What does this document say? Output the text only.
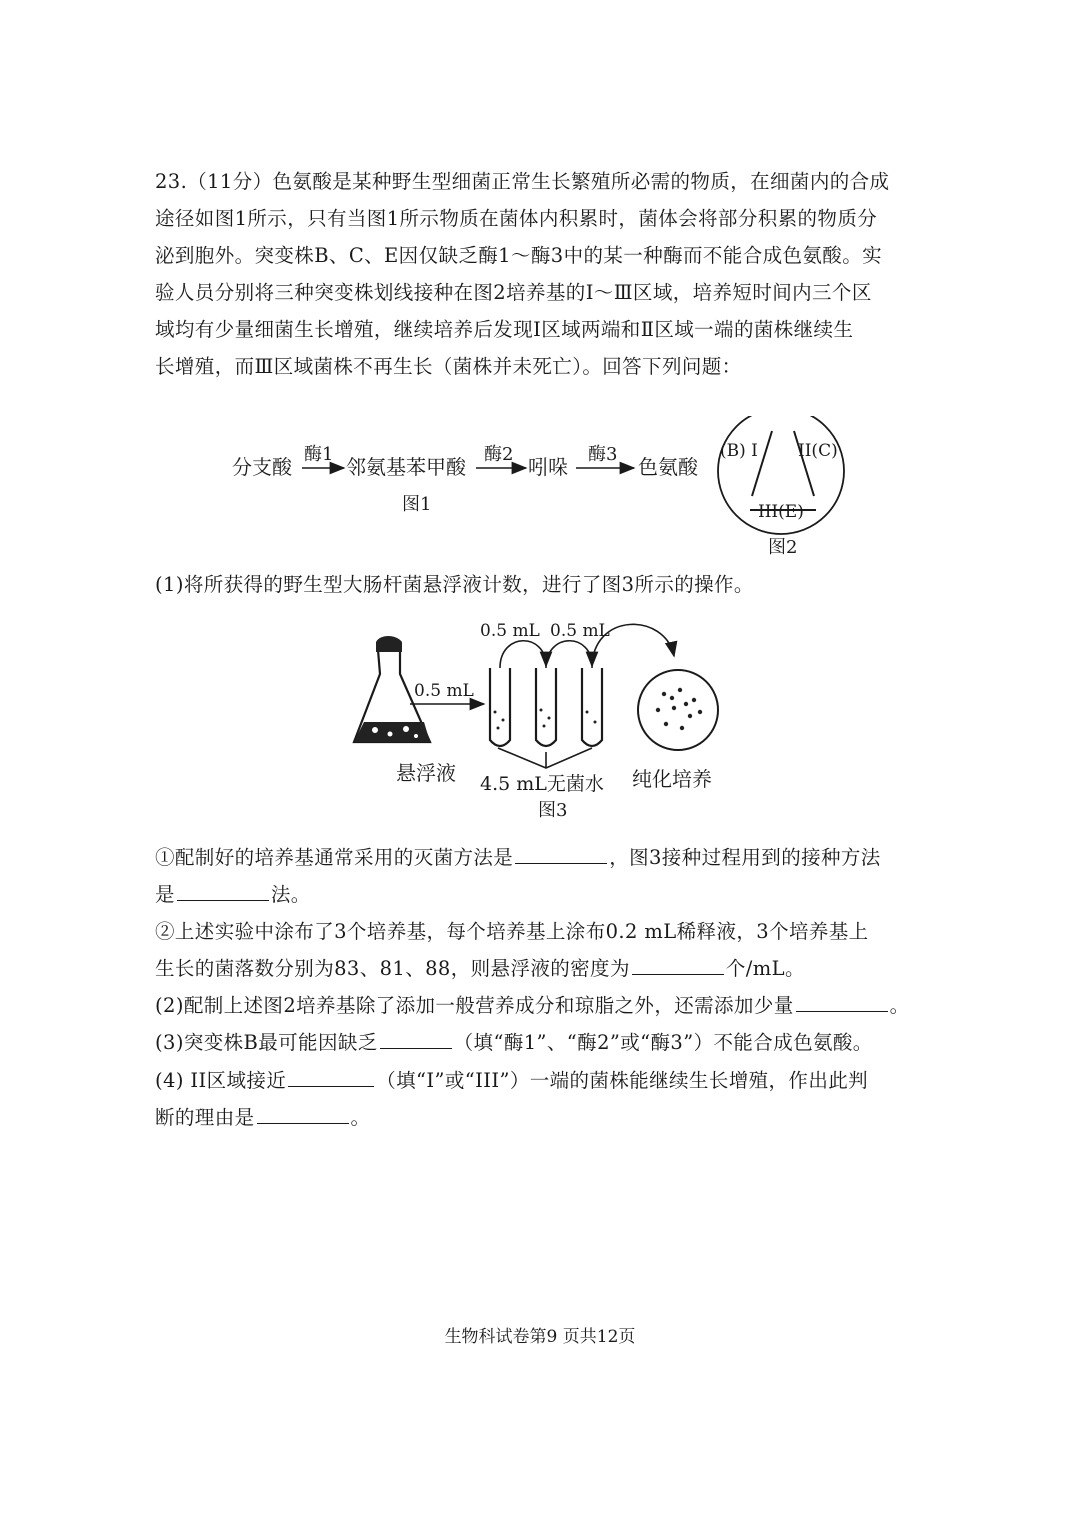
23.（11分）色氨酸是某种野生型细菌正常生长繁殖所必需的物质，在细菌内的合成
途径如图1所示，只有当图1所示物质在菌体内积累时，菌体会将部分积累的物质分
泌到胞外。突变株B、C、E因仅缺乏酶1～酶3中的某一种酶而不能合成色氨酸。实
验人员分别将三种突变株划线接种在图2培养基的Ⅰ～Ⅲ区域，培养短时间内三个区
域均有少量细菌生长增殖，继续培养后发现Ⅰ区域两端和Ⅱ区域一端的菌株继续生
长增殖，而Ⅲ区域菌株不再生长（菌株并未死亡）。回答下列问题：
分支酸
酶1
邻氨基苯甲酸
酶2
吲哚
酶3
色氨酸
图1
(B) I II(C)
III(E)
图2
(1)将所获得的野生型大肠杆菌悬浮液计数，进行了图3所示的操作。
悬浮液
0.5 mL
0.5 mL 0.5 mL
4.5 mL无菌水 纯化培养
图3
①配制好的培养基通常采用的灭菌方法是	，图3接种过程用到的接种方法
是	法。
②上述实验中涂布了3个培养基，每个培养基上涂布0.2 mL稀释液，3个培养基上
生长的菌落数分别为83、81、88，则悬浮液的密度为	个/mL。
(2)配制上述图2培养基除了添加一般营养成分和琼脂之外，还需添加少量	。
(3)突变株B最可能因缺乏	（填“酶1”、“酶2”或“酶3”）不能合成色氨酸。
(4) II区域接近	（填“I”或“III”）一端的菌株能继续生长增殖，作出此判
断的理由是	。
生物科试卷第9 页共12页
